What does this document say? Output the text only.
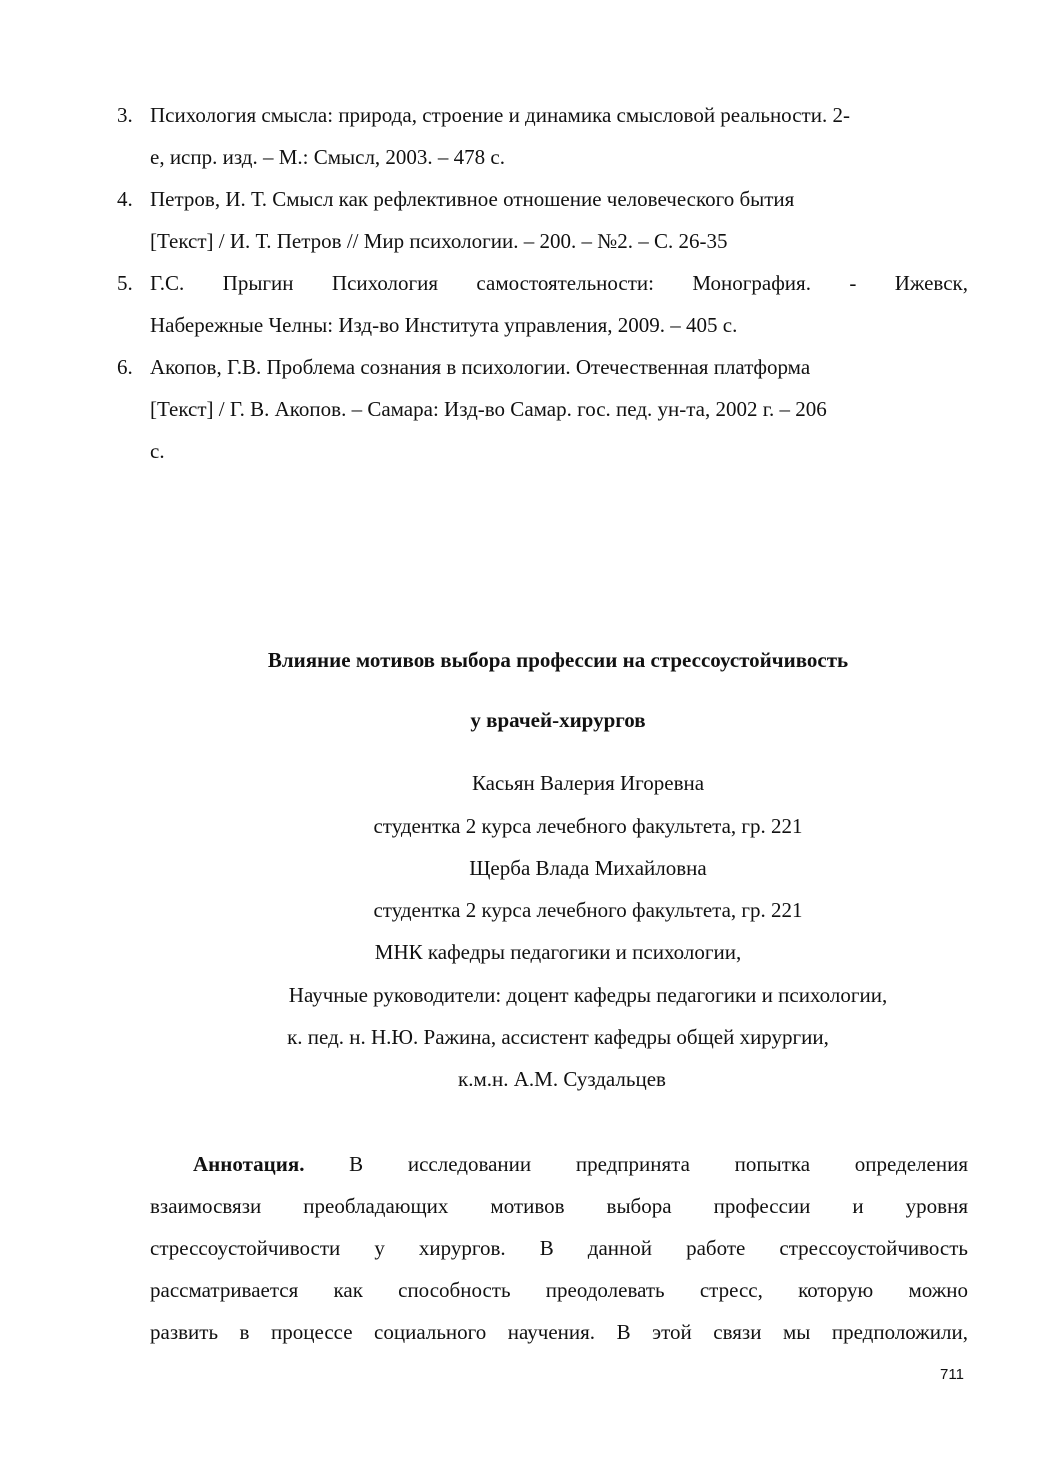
3. Психология смысла: природа, строение и динамика смысловой реальности. 2-
е, испр. изд. – М.: Смысл, 2003. – 478 с.
4. Петров, И. Т. Смысл как рефлективное отношение человеческого бытия
[Текст] / И. Т. Петров // Мир психологии. – 200. – №2. – С. 26-35
5. Г.С. Прыгин Психология самостоятельности: Монография. - Ижевск,
Набережные Челны: Изд-во Института управления, 2009. – 405 с.
6. Акопов, Г.В. Проблема сознания в психологии. Отечественная платформа
[Текст] / Г. В. Акопов. – Самара: Изд-во Самар. гос. пед. ун-та, 2002 г. – 206
с.
Влияние мотивов выбора профессии на стрессоустойчивость
у врачей-хирургов
Касьян Валерия Игоревна
студентка 2 курса лечебного факультета, гр. 221
Щерба Влада Михайловна
студентка 2 курса лечебного факультета, гр. 221
МНК кафедры педагогики и психологии,
Научные руководители: доцент кафедры педагогики и психологии,
к. пед. н. Н.Ю. Ражина, ассистент кафедры общей хирургии,
к.м.н. А.М. Суздальцев

Аннотация. В исследовании предпринята попытка определения

взаимосвязи преобладающих мотивов выбора профессии и уровня

стрессоустойчивости у хирургов. В данной работе стрессоустойчивость

рассматривается как способность преодолевать стресс, которую можно

развить в процессе социального научения. В этой связи мы предположили,

711
